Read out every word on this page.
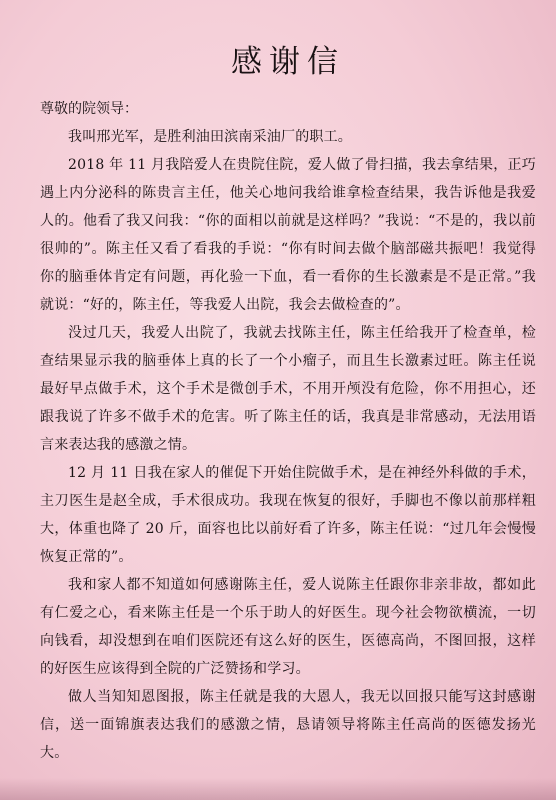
感谢信

尊敬的院领导：

我叫邢光军，是胜利油田滨南采油厂的职工。

2018 年 11 月我陪爱人在贵院住院，爱人做了骨扫描，我去拿结果，正巧遇上内分泌科的陈贵言主任，他关心地问我给谁拿检查结果，我告诉他是我爱人的。他看了我又问我：“你的面相以前就是这样吗？”我说：“不是的，我以前很帅的”。陈主任又看了看我的手说：“你有时间去做个脑部磁共振吧！我觉得你的脑垂体肯定有问题，再化验一下血，看一看你的生长激素是不是正常。”我就说：“好的，陈主任，等我爱人出院，我会去做检查的”。

没过几天，我爱人出院了，我就去找陈主任，陈主任给我开了检查单，检查结果显示我的脑垂体上真的长了一个小瘤子，而且生长激素过旺。陈主任说最好早点做手术，这个手术是微创手术，不用开颅没有危险，你不用担心，还跟我说了许多不做手术的危害。听了陈主任的话，我真是非常感动，无法用语言来表达我的感激之情。

12 月 11 日我在家人的催促下开始住院做手术，是在神经外科做的手术，主刀医生是赵全成，手术很成功。我现在恢复的很好，手脚也不像以前那样粗大，体重也降了 20 斤，面容也比以前好看了许多，陈主任说：“过几年会慢慢恢复正常的”。

我和家人都不知道如何感谢陈主任，爱人说陈主任跟你非亲非故，都如此有仁爱之心，看来陈主任是一个乐于助人的好医生。现今社会物欲横流，一切向钱看，却没想到在咱们医院还有这么好的医生，医德高尚，不图回报，这样的好医生应该得到全院的广泛赞扬和学习。

做人当知知恩图报，陈主任就是我的大恩人，我无以回报只能写这封感谢信，送一面锦旗表达我们的感激之情，恳请领导将陈主任高尚的医德发扬光大。
